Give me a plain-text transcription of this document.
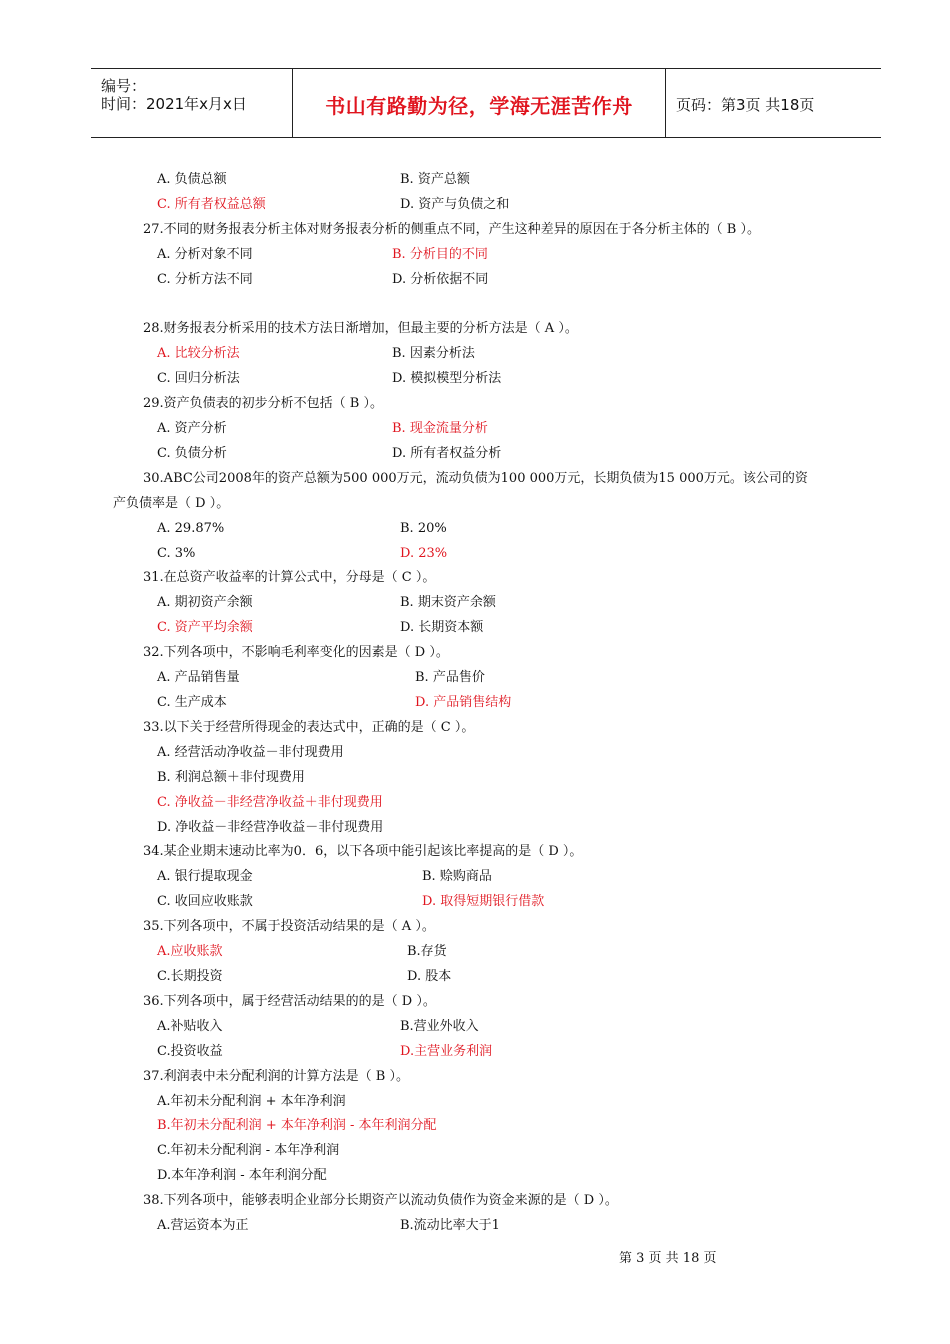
编号：
时间：2021年x月x日	书山有路勤为径，学海无涯苦作舟	页码：第3页 共18页
A. 负债总额	B. 资产总额
C. 所有者权益总额	D. 资产与负债之和
27.不同的财务报表分析主体对财务报表分析的侧重点不同，产生这种差异的原因在于各分析主体的（ B ）。
A. 分析对象不同	B. 分析目的不同
C. 分析方法不同	D. 分析依据不同
28.财务报表分析采用的技术方法日渐增加，但最主要的分析方法是（ A ）。
A. 比较分析法	B. 因素分析法
C. 回归分析法	D. 模拟模型分析法
29.资产负债表的初步分析不包括（ B ）。
A. 资产分析	B. 现金流量分析
C. 负债分析	D. 所有者权益分析
30.ABC公司2008年的资产总额为500 000万元，流动负债为100 000万元，长期负债为15 000万元。该公司的资
产负债率是（ D ）。
A. 29.87%	B. 20%
C. 3%	D. 23%
31.在总资产收益率的计算公式中，分母是（ C ）。
A. 期初资产余额	B. 期末资产余额
C. 资产平均余额	D. 长期资本额
32.下列各项中，不影响毛利率变化的因素是（ D ）。
A. 产品销售量	B. 产品售价
C. 生产成本	D. 产品销售结构
33.以下关于经营所得现金的表达式中，正确的是（ C ）。
A. 经营活动净收益－非付现费用
B. 利润总额＋非付现费用
C. 净收益－非经营净收益＋非付现费用
D. 净收益－非经营净收益－非付现费用
34.某企业期末速动比率为0．6，以下各项中能引起该比率提高的是（ D ）。
A. 银行提取现金	B. 赊购商品
C. 收回应收账款	D. 取得短期银行借款
35.下列各项中，不属于投资活动结果的是（ A ）。
A.应收账款	B.存货
C.长期投资	D. 股本
36.下列各项中，属于经营活动结果的的是（ D ）。
A.补贴收入	B.营业外收入
C.投资收益	D.主营业务利润
37.利润表中未分配利润的计算方法是（ B ）。
A.年初未分配利润 + 本年净利润
B.年初未分配利润 + 本年净利润 - 本年利润分配
C.年初未分配利润 - 本年净利润
D.本年净利润 - 本年利润分配
38.下列各项中，能够表明企业部分长期资产以流动负债作为资金来源的是（ D ）。
A.营运资本为正	B.流动比率大于1
第 3 页 共 18 页
